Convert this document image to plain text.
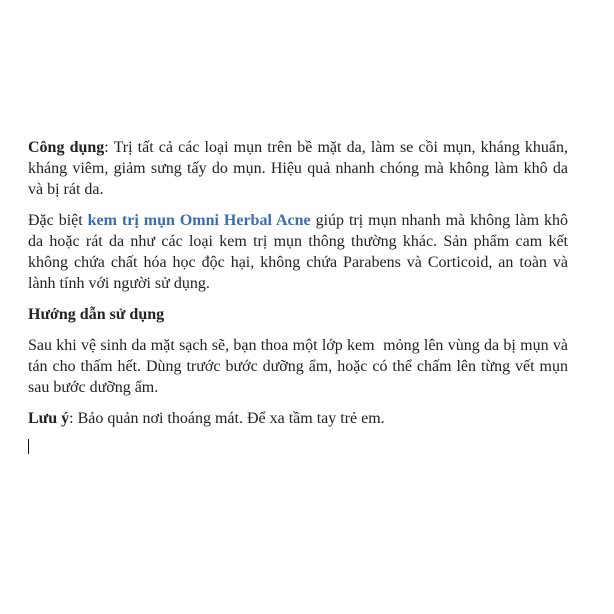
Công dụng: Trị tất cả các loại mụn trên bề mặt da, làm se cồi mụn, kháng khuẩn, kháng viêm, giảm sưng tấy do mụn. Hiệu quả nhanh chóng mà không làm khô da và bị rát da.

Đặc biệt kem trị mụn Omni Herbal Acne giúp trị mụn nhanh mà không làm khô da hoặc rát da như các loại kem trị mụn thông thường khác. Sản phẩm cam kết không chứa chất hóa học độc hại, không chứa Parabens và Corticoid, an toàn và lành tính với người sử dụng.

Hướng dẫn sử dụng

Sau khi vệ sinh da mặt sạch sẽ, bạn thoa một lớp kem  mỏng lên vùng da bị mụn và tán cho thấm hết. Dùng trước bước dưỡng ẩm, hoặc có thể chấm lên từng vết mụn sau bước dưỡng ẩm.

Lưu ý: Bảo quản nơi thoáng mát. Để xa tầm tay trẻ em.
